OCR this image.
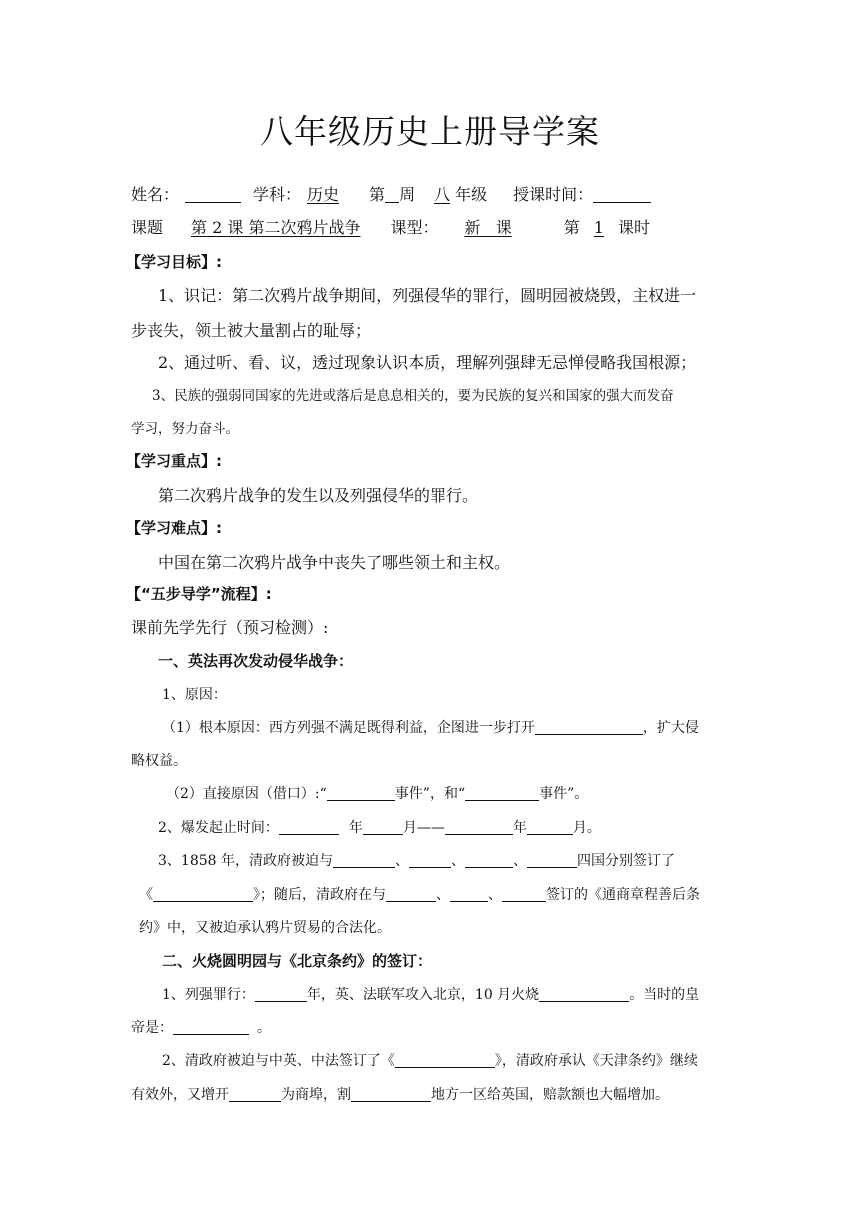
八年级历史上册导学案
姓名：	学科： 历史 第 周 八 年级 授课时间：
课题 第 2 课 第二次鸦片战争 课型： 新   课	第 1 课时
【学习目标】:
1、识记：第二次鸦片战争期间，列强侵华的罪行，圆明园被烧毁，主权进一
步丧失，领土被大量割占的耻辱；
2、通过听、看、议，透过现象认识本质，理解列强肆无忌惮侵略我国根源；
3、民族的强弱同国家的先进或落后是息息相关的，要为民族的复兴和国家的强大而发奋
学习，努力奋斗。
【学习重点】:
第二次鸦片战争的发生以及列强侵华的罪行。
【学习难点】:
中国在第二次鸦片战争中丧失了哪些领土和主权。
【“五步导学”流程】:
课前先学先行（预习检测）:
一、英法再次发动侵华战争：
1、原因：
（1）根本原因：西方列强不满足既得利益，企图进一步打开	，扩大侵
略权益。
（2）直接原因（借口）:“	事件”，和“	事件”。
2、爆发起止时间：	年	月——	年	月。
3、1858 年，清政府被迫与	、	、	、	四国分别签订了
《	》；随后，清政府在与	、	、	签订的《通商章程善后条
约》中，又被迫承认鸦片贸易的合法化。
二、火烧圆明园与《北京条约》的签订：
1、列强罪行：	年，英、法联军攻入北京，10 月火烧	。当时的皇
帝是：	。
2、清政府被迫与中英、中法签订了《	》，清政府承认《天津条约》继续
有效外，又增开	为商埠，割	地方一区给英国，赔款额也大幅增加。
